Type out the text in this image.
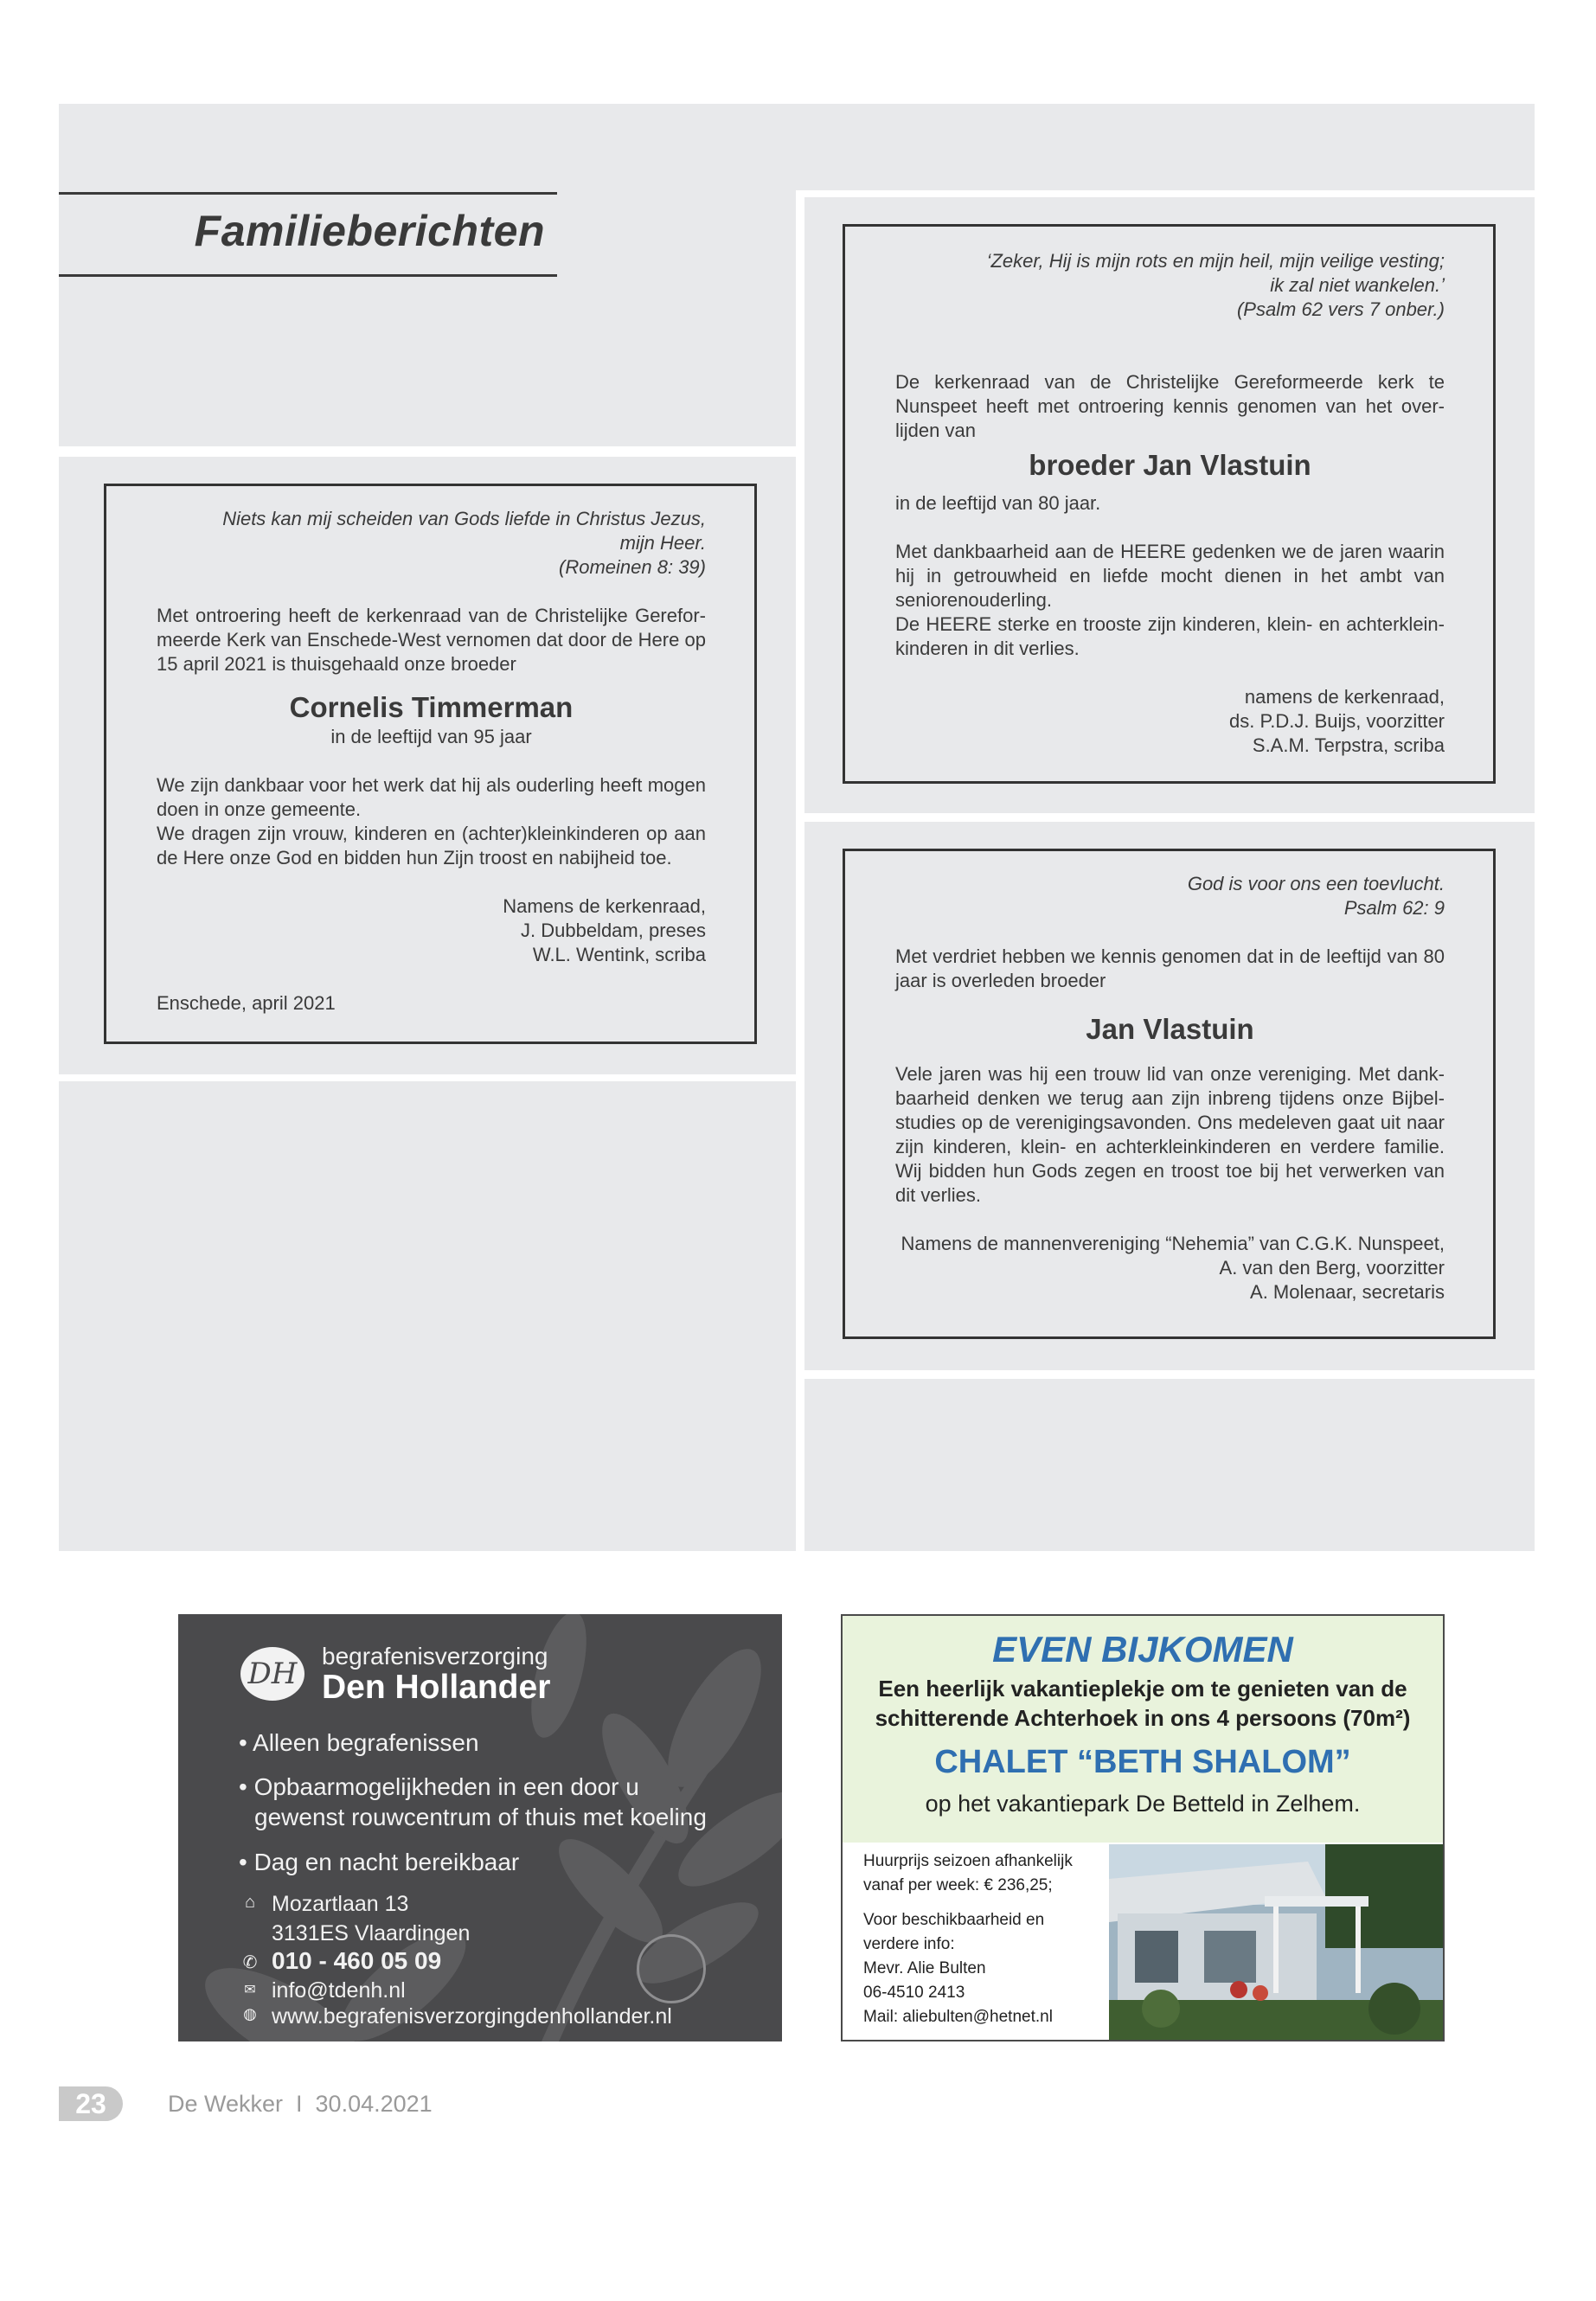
Familieberichten

Niets kan mij scheiden van Gods liefde in Christus Jezus,

mijn Heer.

(Romeinen 8: 39)

Met ontroering heeft de kerkenraad van de Christelijke Gereformeerde Kerk van Enschede-West vernomen dat door de Here op 15 april 2021 is thuisgehaald onze broeder

Cornelis Timmerman

in de leeftijd van 95 jaar

We zijn dankbaar voor het werk dat hij als ouderling heeft mogen doen in onze gemeente.

We dragen zijn vrouw, kinderen en (achter)kleinkinderen op aan de Here onze God en bidden hun Zijn troost en nabijheid toe.

Namens de kerkenraad,

J. Dubbeldam, preses

W.L. Wentink, scriba

Enschede, april 2021

‘Zeker, Hij is mijn rots en mijn heil, mijn veilige vesting;

ik zal niet wankelen.’

(Psalm 62 vers 7 onber.)

De kerkenraad van de Christelijke Gereformeerde kerk te Nunspeet heeft met ontroering kennis genomen van het overlijden van

broeder Jan Vlastuin

in de leeftijd van 80 jaar.

Met dankbaarheid aan de HEERE gedenken we de jaren waarin hij in getrouwheid en liefde mocht dienen in het ambt van seniorenouderling.

De HEERE sterke en trooste zijn kinderen, klein- en achterkleinkinderen in dit verlies.

namens de kerkenraad,

ds. P.D.J. Buijs, voorzitter

S.A.M. Terpstra, scriba

God is voor ons een toevlucht.

Psalm 62: 9

Met verdriet hebben we kennis genomen dat in de leeftijd van 80 jaar is overleden broeder

Jan Vlastuin

Vele jaren was hij een trouw lid van onze vereniging. Met dankbaarheid denken we terug aan zijn inbreng tijdens onze Bijbelstudies op de verenigingsavonden. Ons medeleven gaat uit naar zijn kinderen, klein- en achterkleinkinderen en verdere familie. Wij bidden hun Gods zegen en troost toe bij het verwerken van dit verlies.

Namens de mannenvereniging “Nehemia” van C.G.K. Nunspeet,

A. van den Berg, voorzitter

A. Molenaar, secretaris

DH
begrafenisverzorging
Den Hollander
• Alleen begrafenissen
• Opbaarmogelijkheden in een door u
gewenst rouwcentrum of thuis met koeling
• Dag en nacht bereikbaar
⌂ Mozartlaan 13
3131ES Vlaardingen
✆ 010 - 460 05 09
✉ info@tdenh.nl
◍ www.begrafenisverzorgingdenhollander.nl
EVEN BIJKOMEN
Een heerlijk vakantieplekje om te genieten van de
schitterende Achterhoek in ons 4 persoons (70m²)
CHALET “BETH SHALOM”
op het vakantiepark De Betteld in Zelhem.
Huurprijs seizoen afhankelijk
vanaf per week: € 236,25;
Voor beschikbaarheid en
verdere info:
Mevr. Alie Bulten
06-4510 2413
Mail: aliebulten@hetnet.nl
23	De Wekker  I  30.04.2021
